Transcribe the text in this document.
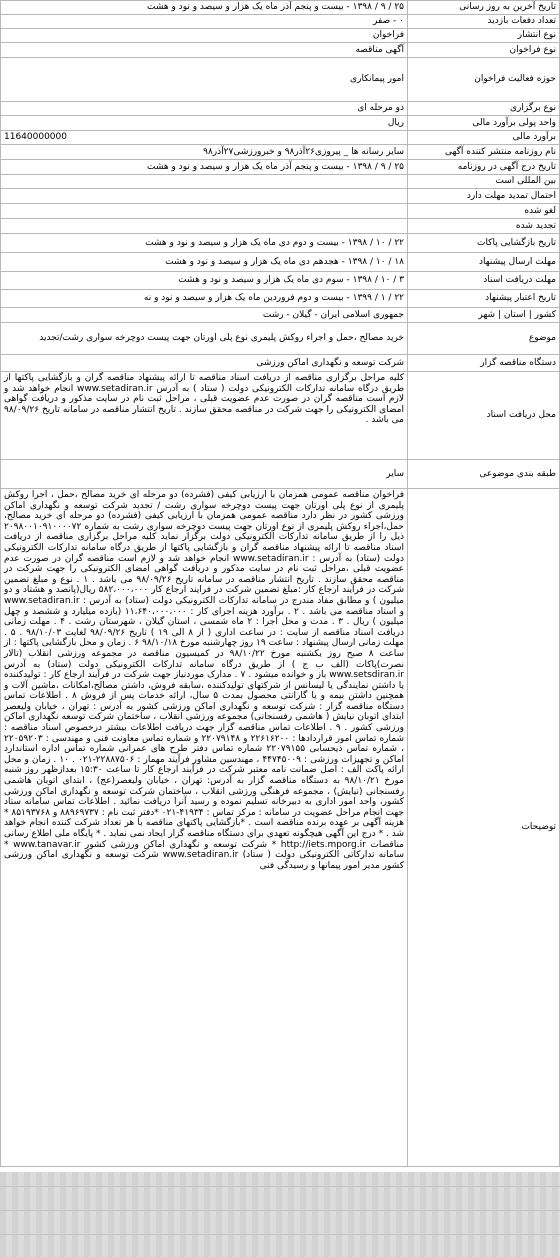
تاریخ آخرین به روز رسانی	۲۵ / ۹ / ۱۳۹۸ - بیست و پنجم آذر ماه یک هزار و سیصد و نود و هشت
تعداد دفعات بازدید	۰ - صفر
نوع انتشار	فراخوان
نوع فراخوان	آگهی مناقصه
حوزه فعالیت فراخوان	امور پیمانکاری
نوع برگزاری	دو مرحله ای
واحد پولی برآورد مالی	ریال
برآورد مالی	11640000000
نام روزنامه منتشر کننده آگهی	سایر رسانه ها _ پیروزی۲۶آذر۹۸ و خبرورزشی۲۷آذر۹۸
تاریخ درج آگهی در روزنامه	۲۵ / ۹ / ۱۳۹۸ - بیست و پنجم آذر ماه یک هزار و سیصد و نود و هشت
بین المللی است	
احتمال تمدید مهلت دارد	
لغو شده	
تجدید شده	
تاریخ بازگشایی پاکات	۲۲ / ۱۰ / ۱۳۹۸ - بیست و دوم دی ماه یک هزار و سیصد و نود و هشت
مهلت ارسال پیشنهاد	۱۸ / ۱۰ / ۱۳۹۸ - هجدهم دی ماه یک هزار و سیصد و نود و هشت
مهلت دریافت اسناد	۳ / ۱۰ / ۱۳۹۸ - سوم دی ماه یک هزار و سیصد و نود و هشت
تاریخ اعتبار پیشنهاد	۲۲ / ۱ / ۱۳۹۹ - بیست و دوم فروردین ماه یک هزار و سیصد و نود و نه
کشور | استان | شهر	جمهوری اسلامی ایران - گیلان - رشت
موضوع	خرید مصالح ،حمل و اجراء روکش پلیمری نوع پلی اورتان جهت پیست دوچرخه سواری رشت/تجدید
دستگاه مناقصه گزار	شرکت توسعه و نگهداری اماکن ورزشی
محل دریافت اسناد	کلیه مراحل برگزاری مناقصه از دریافت اسناد مناقصه تا ارائه پیشنهاد مناقصه گران و بازگشایی پاکتها از طریق درگاه سامانه تدارکات الکترونیکی دولت ( ستاد ) به آدرس www.setadiran.ir انجام خواهد شد و لازم است مناقصه گران در صورت عدم عضویت قبلی ، مراحل ثبت نام در سایت مذکور و دریافت گواهی امضای الکترونیکی را جهت شرکت در مناقصه محقق سازند . تاریخ انتشار مناقصه در سامانه تاریخ ۹۸/۰۹/۲۶ می باشد .
طبقه بندی موضوعی	سایر
توضیحات	فراخوان مناقصه عمومی همزمان با ارزیابی کیفی (فشرده) دو مرحله ای خرید مصالح ،حمل ، اجرا روکش پلیمری از نوع پلی اورتان جهت پیست دوچرخه سواری رشت / تجدید شرکت توسعه و نگهداری اماکن ورزشی کشور در نظر دارد مناقصه عمومی همزمان با ارزیابی کیفی (فشرده) دو مرحله ای خرید مصالح، حمل،اجراء روکش پلیمری از نوع اورتان جهت پیست دوچرخه سواری رشت به شماره ۲۰۹۸۰۰۱۰۹۱۰۰۰۰۷۲ ذیل را از طریق سامانه تدارکات الکترونیکی دولت برگزار نماید کلیه مراحل برگزاری مناقصه از دریافت اسناد مناقصه تا ارائه پیشنهاد مناقصه گران و بازگشایی پاکتها از طریق درگاه سامانه تدارکات الکترونیکی دولت (ستاد) به آدرس : www.setadiran.ir انجام خواهد شد و لازم است مناقصه گران در صورت عدم عضویت قبلی ،مراحل ثبت نام در سایت مذکور و دریافت گواهی امضای الکترونیکی را جهت شرکت در مناقصه محقق سازند . تاریخ انتشار مناقصه در سامانه تاریخ ۹۸/۰۹/۲۶ می باشد . ۱ . نوع و مبلغ تضمین شرکت در فرایند ارجاع کار :مبلغ تضمین شرکت در فرایند ارجاع کار ۵۸۲،۰۰۰،۰۰۰ ریال(پانصد و هشتاد و دو میلیون ) و مطابق مفاد مندرج در سامانه تدارکات الکترونیکی دولت (ستاد) به آدرس : www.setadiran.ir و اسناد مناقصه می باشد . ۲ . برآورد هزینه اجرای کار : ۱۱،۶۴۰،۰۰۰،۰۰۰ (یازده میلیارد و ششصد و چهل میلیون ) ریال . ۳ . مدت و محل اجرا : ۲ ماه شمسی ، استان گیلان ، شهرستان رشت . ۴ . مهلت زمانی دریافت اسناد مناقصه از سایت : در ساعت اداری ( از ۸ الی ۱۹ ) تاریخ ۹۸/۰۹/۲۶ لغایت ۹۸/۱۰/۰۳ . ۵ . مهلت زمانی ارسال پیشنهاد : ساعت ۱۹ روز چهارشنبه مورخ ۹۸/۱۰/۱۸ ۶ . زمان و محل بازگشایی پاکتها : از ساعت ۸ صبح روز یکشنبه مورخ ۹۸/۱۰/۲۲ در کمیسیون مناقصه در مجموعه ورزشی انقلاب (تالار نصرت)پاکات (الف ب ج ) از طریق درگاه سامانه تدارکات الکترونیکی دولت (ستاد) به آدرس www.setsdiran.ir باز و خوانده میشود . ۷ . مدارک موردنیاز جهت شرکت در فرآیند ارجاع کار : تولیدکننده یا داشتن نمایندگی یا لیسانس از شرکتهای تولیدکننده ،سابقه فروش، داشتن مصالح،امکانات ،ماشین آلات و همچنین داشتن بیمه و یا گارانتی محصول بمدت ۵ سال، ارائه خدمات پس از فروش ۸ . اطلاعات تماس دستگاه مناقصه گزار : شرکت توسعه و نگهداری اماکن ورزشی کشور به آدرس : تهران ، خیابان ولیعصر ابتدای اتوبان نیایش ( هاشمی رفسنجانی) مجموعه ورزشی انقلاب ، ساختمان شرکت توسعه نگهداری اماکن ورزشی کشور . ۹ . اطلاعات تماس مناقصه گزار جهت دریافت اطلاعات بیشتر درخصوص اسناد مناقصه : شماره تماس امور قراردادها : ۲۲۶۱۶۲۰۰ و ۲۲۰۷۹۱۴۸ و شماره تماس معاونت فنی و مهندسی : ۲۲۰۵۹۲۰۳ ، شماره تماس ذیحسابی ۲۲۰۷۹۱۵۵ شماره تماس دفتر طرح های عمرانی شماره تماس اداره استاندارد اماکن و تجهیزات ورزشی : ۴۴۷۴۵۰۰۹ ، مهندسین مشاور فرآیند مهمار : ۲۲۸۸۷۵۰۶-۰۲۱ . ۱۰ . زمان و محل ارائه پاکت الف : اصل ضمانت نامه معتبر شرکت در فرآیند ارجاع کار تا ساعت ۱۵:۳۰ بعدازظهر روز شنبه مورخ ۹۸/۱۰/۲۱ به دستگاه مناقصه گزار به آدرس: تهران ، خیابان ولیعصر(عج) ، ابتدای اتوبان هاشمی رفسنجانی (نیایش) ، مجموعه فرهنگی ورزشی انقلاب ، ساختمان شرکت توسعه و نگهداری اماکن ورزشی کشور، واحد امور اداری به دبیرخانه تسلیم نموده و رسید آنرا دریافت نمائید . اطلاعات تماس سامانه ستاد جهت انجام مراحل عضویت در سامانه : مرکز تماس : ۴۱۹۳۴-۰۲۱ *دفتر ثبت نام : ۸۸۹۶۹۷۳۷ و ۸۵۱۹۳۷۶۸ * هزینه آگهی بر عهده برنده مناقصه است . *بازگشایی پاکتهای مناقصه با هر تعداد شرکت کننده انجام خواهد شد . * درج این آگهی هیچگونه تعهدی برای دستگاه مناقصه گزار ایجاد نمی نماید . * پایگاه ملی اطلاع رسانی مناقصات http://iets.mporg.ir * شرکت توسعه و نگهداری اماکن ورزشی کشور www.tanavar.ir * سامانه تدارکاتی الکترونیکی دولت ( ستاد) www.setadiran.ir شرکت توسعه و نگهداری اماکن ورزشی کشور مدیر امور پیمانها و رسیدگی فنی
